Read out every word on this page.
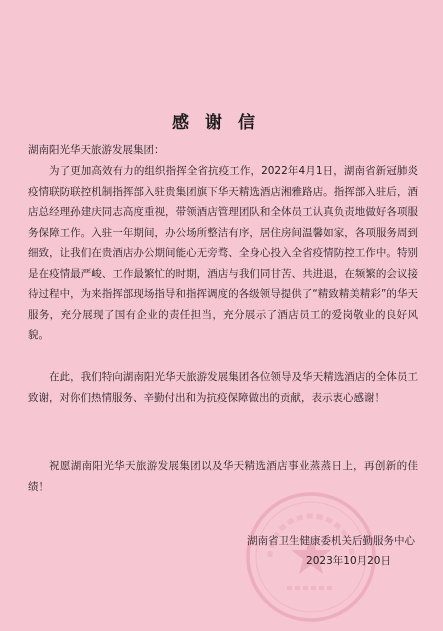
感谢信
湖南阳光华天旅游发展集团：

为了更加高效有力的组织指挥全省抗疫工作，2022年4月1日，湖南省新冠肺炎疫情联防联控机制指挥部入驻贵集团旗下华天精选酒店湘雅路店。指挥部入驻后，酒店总经理孙建庆同志高度重视，带领酒店管理团队和全体员工认真负责地做好各项服务保障工作。入驻一年期间，办公场所整洁有序，居住房间温馨如家，各项服务周到细致，让我们在贵酒店办公期间能心无旁骛、全身心投入全省疫情防控工作中。特别是在疫情最严峻、工作最繁忙的时期，酒店与我们同甘苦、共进退，在频繁的会议接待过程中，为来指挥部现场指导和指挥调度的各级领导提供了“精致精美精彩”的华天服务，充分展现了国有企业的责任担当，充分展示了酒店员工的爱岗敬业的良好风貌。

在此，我们特向湖南阳光华天旅游发展集团各位领导及华天精选酒店的全体员工致谢，对你们热情服务、辛勤付出和为抗疫保障做出的贡献，表示衷心感谢！

祝愿湖南阳光华天旅游发展集团以及华天精选酒店事业蒸蒸日上，再创新的佳绩！

湖南省卫生健康委机关后勤服务中心
2023年10月20日
